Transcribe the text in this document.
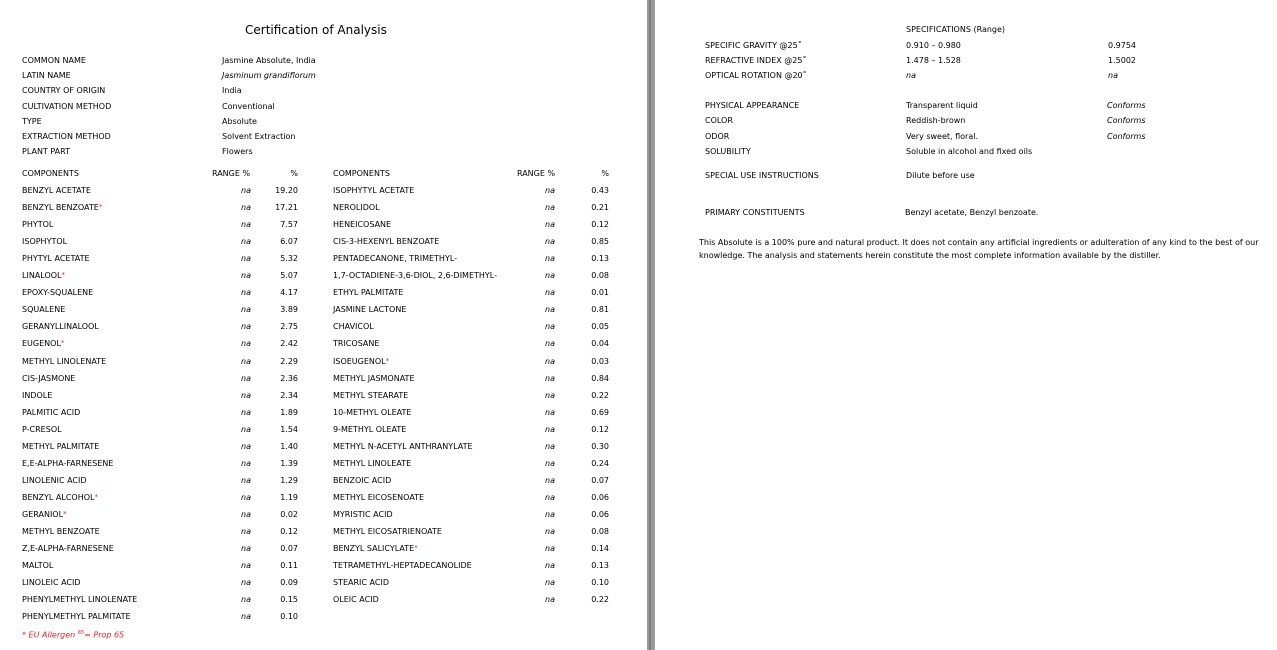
Certification of Analysis
COMMON NAME	Jasmine Absolute, India
LATIN NAME	Jasminum grandiflorum
COUNTRY OF ORIGIN	India
CULTIVATION METHOD	Conventional
TYPE	Absolute
EXTRACTION METHOD	Solvent Extraction
PLANT PART	Flowers
COMPONENTS	RANGE %	%	COMPONENTS	RANGE %	%
BENZYL ACETATE	na	19.20
BENZYL BENZOATE*	na	17.21
PHYTOL	na	7.57
ISOPHYTOL	na	6.07
PHYTYL ACETATE	na	5.32
LINALOOL*	na	5.07
EPOXY-SQUALENE	na	4.17
SQUALENE	na	3.89
GERANYLLINALOOL	na	2.75
EUGENOL*	na	2.42
METHYL LINOLENATE	na	2.29
CIS-JASMONE	na	2.36
INDOLE	na	2.34
PALMITIC ACID	na	1.89
P-CRESOL	na	1.54
METHYL PALMITATE	na	1.40
E,E-ALPHA-FARNESENE	na	1.39
LINOLENIC ACID	na	1.29
BENZYL ALCOHOL*	na	1.19
GERANIOL*	na	0.02
METHYL BENZOATE	na	0.12
Z,E-ALPHA-FARNESENE	na	0.07
MALTOL	na	0.11
LINOLEIC ACID	na	0.09
PHENYLMETHYL LINOLENATE	na	0.15
PHENYLMETHYL PALMITATE	na	0.10
ISOPHYTYL ACETATE	na	0.43
NEROLIDOL	na	0.21
HENEICOSANE	na	0.12
CIS-3-HEXENYL BENZOATE	na	0.85
PENTADECANONE, TRIMETHYL-	na	0.13
1,7-OCTADIENE-3,6-DIOL, 2,6-DIMETHYL-	na	0.08
ETHYL PALMITATE	na	0.01
JASMINE LACTONE	na	0.81
CHAVICOL	na	0.05
TRICOSANE	na	0.04
ISOEUGENOL*	na	0.03
METHYL JASMONATE	na	0.84
METHYL STEARATE	na	0.22
10-METHYL OLEATE	na	0.69
9-METHYL OLEATE	na	0.12
METHYL N-ACETYL ANTHRANYLATE	na	0.30
METHYL LINOLEATE	na	0.24
BENZOIC ACID	na	0.07
METHYL EICOSENOATE	na	0.06
MYRISTIC ACID	na	0.06
METHYL EICOSATRIENOATE	na	0.08
BENZYL SALICYLATE*	na	0.14
TETRAMETHYL-HEPTADECANOLIDE	na	0.13
STEARIC ACID	na	0.10
OLEIC ACID	na	0.22
* EU Allergen $^{65}$= Prop 65
SPECIFICATIONS (Range)
SPECIFIC GRAVITY @25˚	0.910 – 0.980	0.9754
REFRACTIVE INDEX @25˚	1.478 – 1.528	1.5002
OPTICAL ROTATION @20˚	na	na
PHYSICAL APPEARANCE	Transparent liquid	Conforms
COLOR	Reddish-brown	Conforms
ODOR	Very sweet, floral.	Conforms
SOLUBILITY	Soluble in alcohol and fixed oils
SPECIAL USE INSTRUCTIONS	Dilute before use
PRIMARY CONSTITUENTS	Benzyl acetate, Benzyl benzoate.
This Absolute is a 100% pure and natural product. It does not contain any artificial ingredients or adulteration of any kind to the best of our knowledge. The analysis and statements herein constitute the most complete information available by the distiller.
